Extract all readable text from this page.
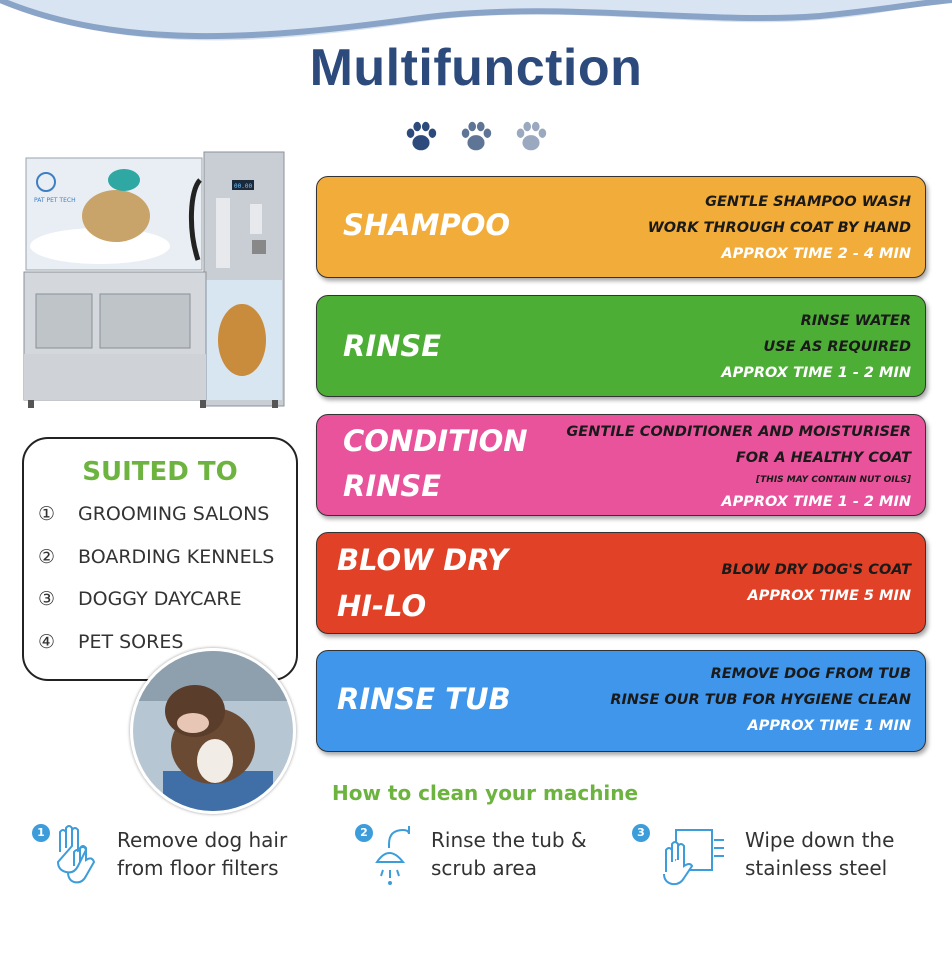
Multifunction
PAT PET TECH
00.00
SHAMPOO
GENTLE SHAMPOO WASH
WORK THROUGH COAT BY HAND
APPROX TIME 2 - 4 MIN
RINSE
RINSE WATER
USE AS REQUIRED
APPROX TIME 1 - 2 MIN
CONDITION
RINSE
GENTILE CONDITIONER AND MOISTURISER
FOR A HEALTHY COAT
[THIS MAY CONTAIN NUT OILS]
APPROX TIME 1 - 2 MIN
BLOW DRY
HI-LO
BLOW DRY DOG'S COAT
APPROX TIME 5 MIN
RINSE TUB
REMOVE DOG FROM TUB
RINSE OUR TUB FOR HYGIENE CLEAN
APPROX TIME 1 MIN
SUITED TO
① GROOMING SALONS
② BOARDING KENNELS
③ DOGGY DAYCARE
④ PET SORES
How to clean your machine
1	Remove dog hair
from floor filters
2	Rinse the tub &
scrub area
3	Wipe down the
stainless steel
